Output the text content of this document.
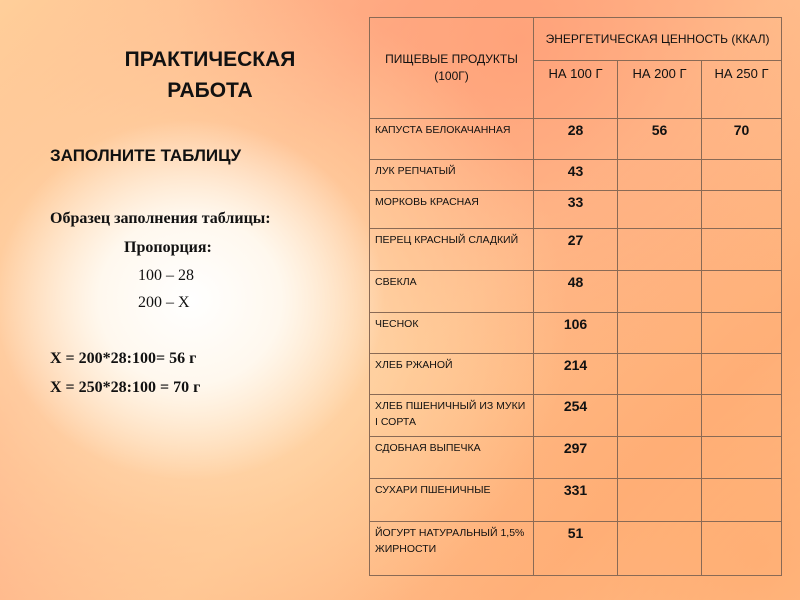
ПРАКТИЧЕСКАЯ РАБОТА
ЗАПОЛНИТЕ ТАБЛИЦУ
Образец заполнения таблицы:
Пропорция:
100 – 28
200 – Х
Х = 200*28:100= 56 г
Х = 250*28:100 = 70 г
ПИЩЕВЫЕ ПРОДУКТЫ (100Г)	ЭНЕРГЕТИЧЕСКАЯ ЦЕННОСТЬ (ККАЛ)		
	НА 100 Г	НА 200 Г	НА 250 Г
КАПУСТА БЕЛОКАЧАННАЯ	28	56	70
ЛУК РЕПЧАТЫЙ	43		
МОРКОВЬ КРАСНАЯ	33		
ПЕРЕЦ КРАСНЫЙ СЛАДКИЙ	27		
СВЕКЛА	48		
ЧЕСНОК	106		
ХЛЕБ РЖАНОЙ	214		
ХЛЕБ ПШЕНИЧНЫЙ ИЗ МУКИ I СОРТА	254		
СДОБНАЯ ВЫПЕЧКА	297		
СУХАРИ ПШЕНИЧНЫЕ	331		
ЙОГУРТ НАТУРАЛЬНЫЙ 1,5% ЖИРНОСТИ	51		
